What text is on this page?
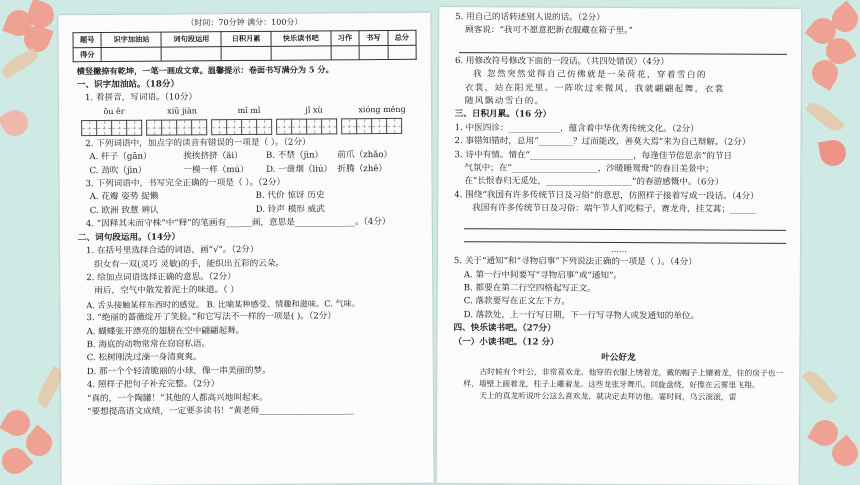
（时间：70分钟 满分：100分）
题号	识字加油站	词句段运用	日积月累	快乐读书吧	习作	书写	总分
得分							
横竖撇捺有乾坤，一笔一画成文章。温馨提示：卷面书写满分为 5 分。
一、识字加油站。（18分）
1. 看拼音，写词语。（10分）
ōu ěr	xiū jiàn	mǐ mǐ	jǐ xù	xióng měng
2. 下列词语中，加点字的读音有错误的一项是（ ）。（2分）
A. 杆子（gān）	挨挨挤挤（āi）	B. 不禁（jìn）	前爪（zhǎo）
C. 劲吹（jìn）	一模一样（mú）	D. 一凿烟（liú） 折腾（zhē）
3. 下列词语中，书写完全正确的一项是（ ）。（2分）
A. 花瓣 姿势 捉懒	B. 代价 惊讶 历史
C. 欧洲 致慧 辨认	D. 铃声 模形 威武
4. “因释其未而守株”中“释”的笔画有______画，意思是______________。（4分）
二、词句段运用。（14分）
1. 在括号里选择合适的词语，画“√”。（2分）
织女有一双(灵巧 灵敏)的手，能织出五彩的云朵。
2. 给加点词语选择正确的意思。（2分）
雨后，空气中散发着泥土的味道。（ ）
A. 舌头接触某样东西时的感觉。 B. 比喻某种感受、情趣和滋味。C. 气味。
3. “绝丽的蔷薇绽开了笑脸。”和它写法不一样的一项是( )。（2分）
A. 蝴蝶张开漂亮的翅膀在空中翩翩起舞。
B. 海底的动物常常在窃窃私语。
C. 松树刚洗过澡一身清爽爽。
D. 那一个个轻清脆丽的小球，像一串美丽的梦。
4. 照样子把句子补充完整。（2分）
“真的，一个陶罐！”其他的人都高兴地叫起来。
“要想提高语文成绩，一定要多读书！”黄老师______________________
5. 用自己的话转述别人说的话。（2分）
顾客说：“我可不愿意把新衣服藏在箱子里。”
6. 用修改符号修改下面的一段话。（共四处错误）（4分）
我 忽然突然觉得自己仿佛就是一朵荷花，穿着雪白的
衣裳，站在阳光里。一阵吹过来微风，我就翩翩起舞，衣裳
随风飘动雪白的。
三、日积月累。（16 分）
1. 中医四诊：____________，蕴含着中华优秀传统文化。（2分）
2. 事错知错时，总用“________？过而能改，善莫大焉”来为自己辩解。（2分）
3. 诗中有情。情在“________________________，每逢佳节倍思亲”的节日
气氛中；在“____________________，沙暖睡鸳鸯”的春日美景中；
在“长恨春归无觅处，____________________”的春游感慨中。（6分）
4. 围绕“我国有许多传统节日及习俗”的意思，仿照样子接着写成一段话。（4分）
我国有许多传统节日及习俗：端午节人们吃粽子，赛龙舟，挂艾蒿；______
……
5. 关于“通知”和“寻物启事”下列说法正确的一项是（ ）。（4分）
A. 第一行中间要写“寻物启事”或“通知”。
B. 都要在第二行空四格起写正文。
C. 落款要写在正文左下方。
D. 落款处，上一行写日期，下一行写寻物人或发通知的单位。
四、快乐读书吧。（27分）
（一）小读书吧。（12 分）
叶公好龙
古时候有个叶公，非常喜欢龙。他穿的衣服上绣着龙，戴的帽子上镶着龙，住的房子也一样，墙壁上画着龙，柱子上雕着龙。这些龙张牙舞爪，回旋盘绕，好像在云雾里飞翔。
天上的真龙听说叶公这么喜欢龙，就决定去拜访他。霎时间，乌云滚滚，雷
